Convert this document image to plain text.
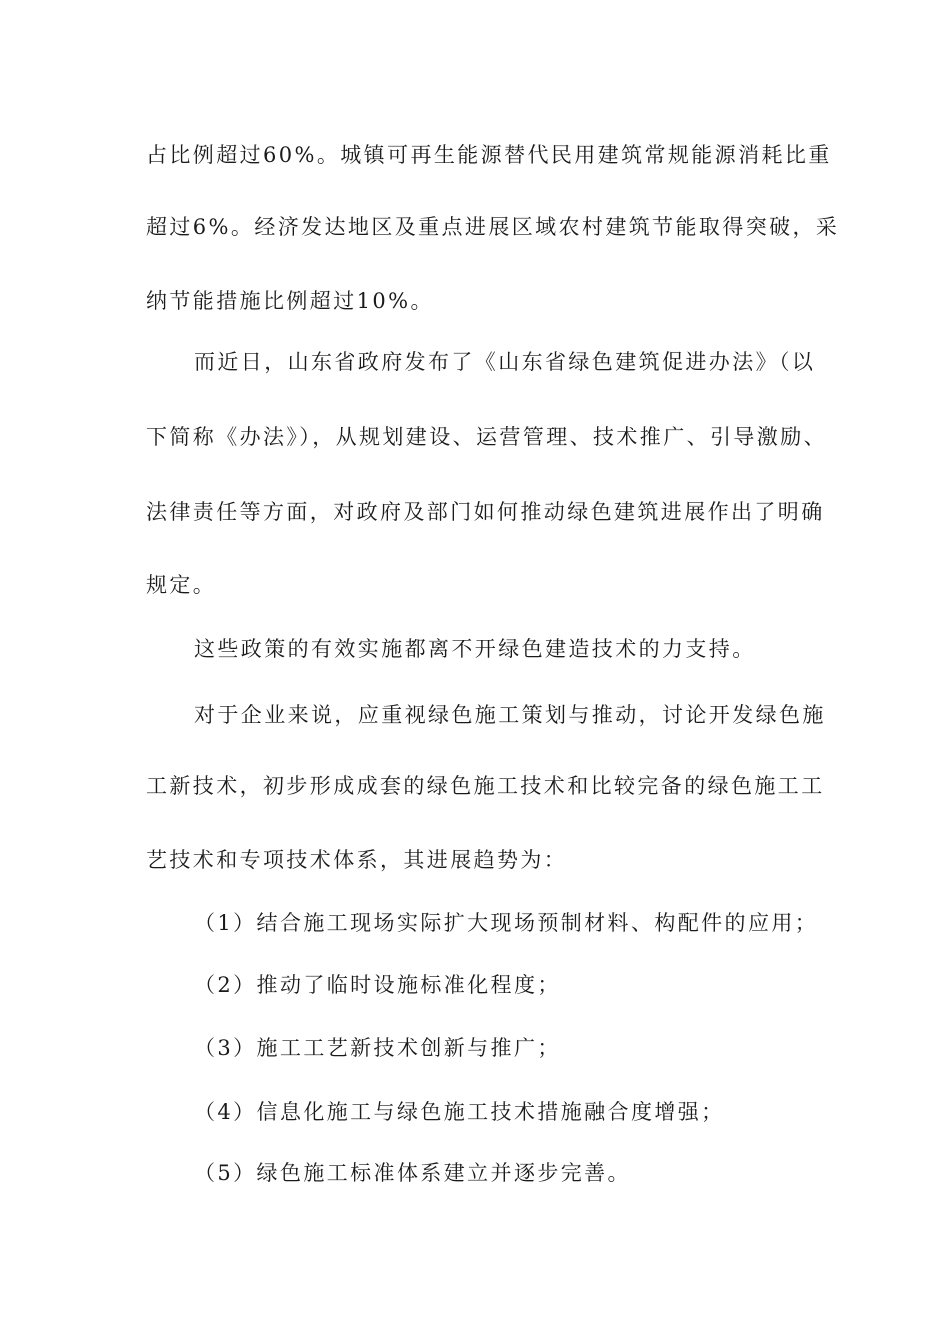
占比例超过60%。城镇可再生能源替代民用建筑常规能源消耗比重
超过6%。经济发达地区及重点进展区域农村建筑节能取得突破，采
纳节能措施比例超过10%。
而近日，山东省政府发布了《山东省绿色建筑促进办法》（以
下简称《办法》），从规划建设、运营管理、技术推广、引导激励、
法律责任等方面，对政府及部门如何推动绿色建筑进展作出了明确
规定。
这些政策的有效实施都离不开绿色建造技术的力支持。
对于企业来说，应重视绿色施工策划与推动，讨论开发绿色施
工新技术，初步形成成套的绿色施工技术和比较完备的绿色施工工
艺技术和专项技术体系，其进展趋势为：
（1）结合施工现场实际扩大现场预制材料、构配件的应用；
（2）推动了临时设施标准化程度；
（3）施工工艺新技术创新与推广；
（4）信息化施工与绿色施工技术措施融合度增强；
（5）绿色施工标准体系建立并逐步完善。
